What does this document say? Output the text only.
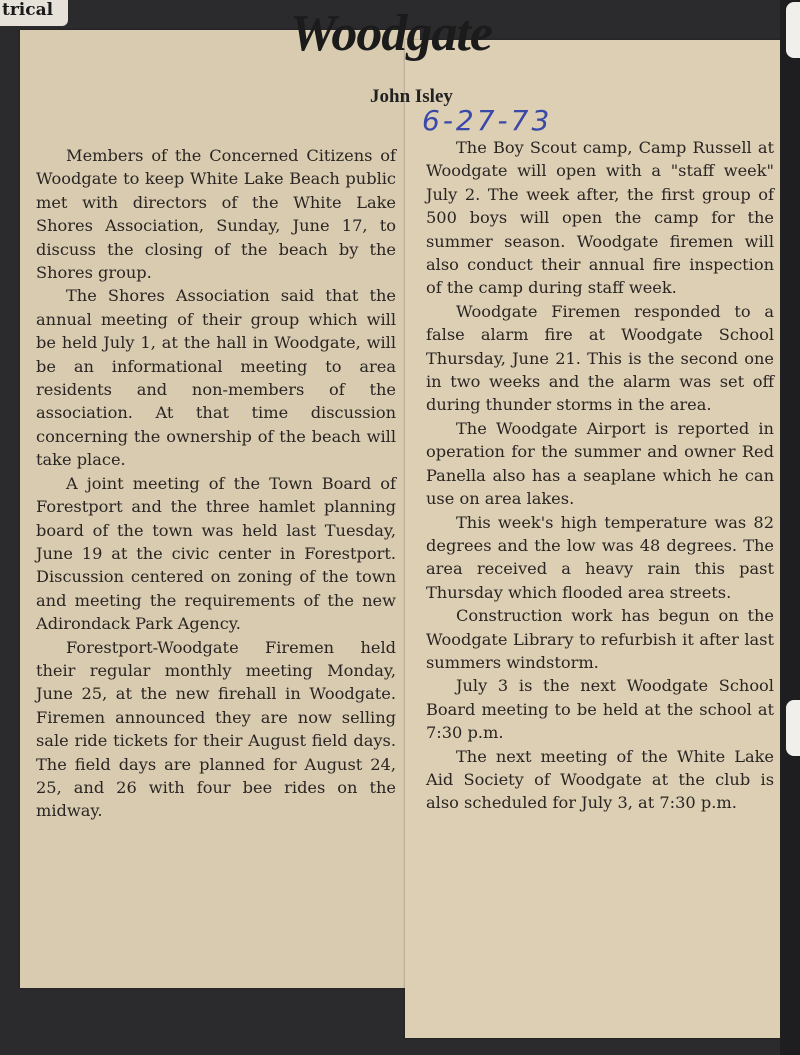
trical	Woodgate
John Isley
6-27-73

Members of the Concerned Citizens of Woodgate to keep White Lake Beach public met with directors of the White Lake Shores Association, Sunday, June 17, to discuss the closing of the beach by the Shores group.

The Shores Association said that the annual meeting of their group which will be held July 1, at the hall in Woodgate, will be an informational meeting to area residents and non-members of the association. At that time discussion concerning the ownership of the beach will take place.

A joint meeting of the Town Board of Forestport and the three hamlet planning board of the town was held last Tuesday, June 19 at the civic center in Forestport. Discussion centered on zoning of the town and meeting the requirements of the new Adirondack Park Agency.

Forestport-Woodgate Firemen held their regular monthly meeting Monday, June 25, at the new firehall in Woodgate. Firemen announced they are now selling sale ride tickets for their August field days. The field days are planned for August 24, 25, and 26 with four bee rides on the midway.

The Boy Scout camp, Camp Russell at Woodgate will open with a "staff week" July 2. The week after, the first group of 500 boys will open the camp for the summer season. Woodgate firemen will also conduct their annual fire inspection of the camp during staff week.

Woodgate Firemen responded to a false alarm fire at Woodgate School Thursday, June 21. This is the second one in two weeks and the alarm was set off during thunder storms in the area.

The Woodgate Airport is reported in operation for the summer and owner Red Panella also has a seaplane which he can use on area lakes.

This week's high temperature was 82 degrees and the low was 48 degrees. The area received a heavy rain this past Thursday which flooded area streets.

Construction work has begun on the Woodgate Library to refurbish it after last summers windstorm.

July 3 is the next Woodgate School Board meeting to be held at the school at 7:30 p.m.

The next meeting of the White Lake Aid Society of Woodgate at the club is also scheduled for July 3, at 7:30 p.m.
